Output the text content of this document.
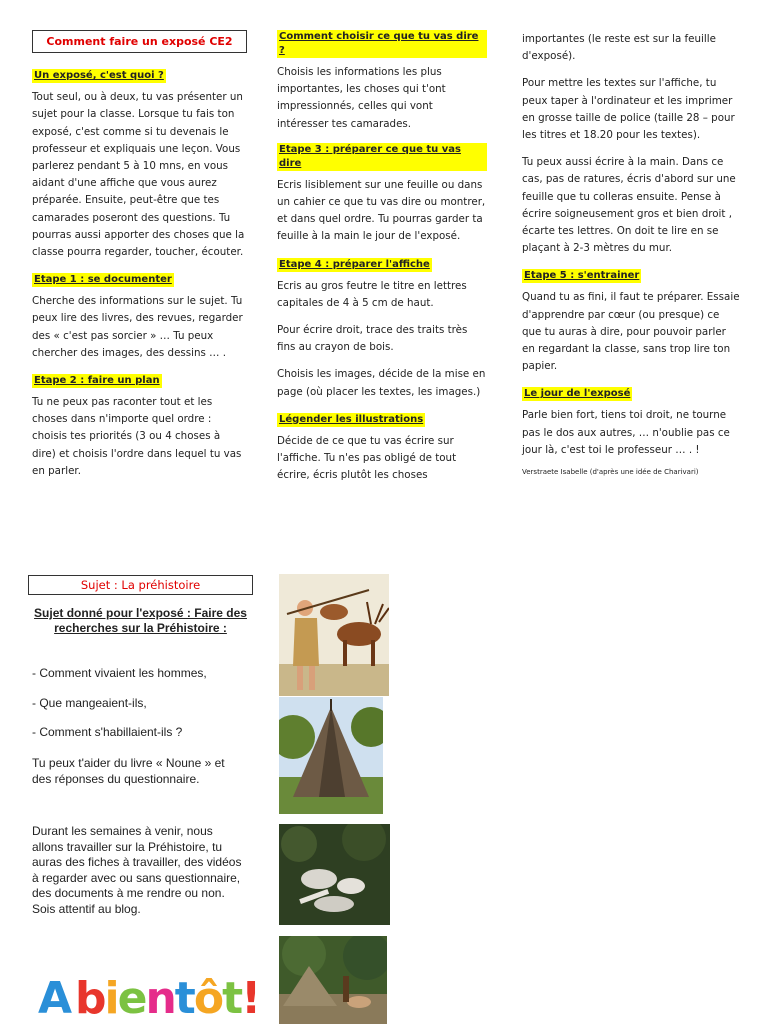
Comment faire un exposé CE2
Un exposé, c'est quoi ?

Tout seul, ou à deux, tu vas présenter un sujet pour la classe. Lorsque tu fais ton exposé, c'est comme si tu devenais le professeur et expliquais une leçon. Vous parlerez pendant 5 à 10 mns, en vous aidant d'une affiche que vous aurez préparée. Ensuite, peut-être que tes camarades poseront des questions. Tu pourras aussi apporter des choses que la classe pourra regarder, toucher, écouter.

Etape 1 : se documenter

Cherche des informations sur le sujet. Tu peux lire des livres, des revues, regarder des « c'est pas sorcier » … Tu peux chercher des images, des dessins … .

Etape 2 : faire un plan

Tu ne peux pas raconter tout et les choses dans n'importe quel ordre : choisis tes priorités (3 ou 4 choses à dire) et choisis l'ordre dans lequel tu vas en parler.

Comment choisir ce que tu vas dire ?

Choisis les informations les plus importantes, les choses qui t'ont impressionnés, celles qui vont intéresser tes camarades.

Etape 3 : préparer ce que tu vas dire

Ecris lisiblement sur une feuille ou dans un cahier ce que tu vas dire ou montrer, et dans quel ordre. Tu pourras garder ta feuille à la main le jour de l'exposé.

Etape 4 : préparer l'affiche

Ecris au gros feutre le titre en lettres capitales de 4 à 5 cm de haut.

Pour écrire droit, trace des traits très fins au crayon de bois.

Choisis les images, décide de la mise en page (où placer les textes, les images.)

Légender les illustrations

Décide de ce que tu vas écrire sur l'affiche. Tu n'es pas obligé de tout écrire, écris plutôt les choses

importantes (le reste est sur la feuille d'exposé).

Pour mettre les textes sur l'affiche, tu peux taper à l'ordinateur et les imprimer en grosse taille de police (taille 28 – pour les titres et 18.20 pour les textes).

Tu peux aussi écrire à la main. Dans ce cas, pas de ratures, écris d'abord sur une feuille que tu colleras ensuite. Pense à écrire soigneusement gros et bien droit , écarte tes lettres. On doit te lire en se plaçant à 2-3 mètres du mur.

Etape 5 : s'entrainer

Quand tu as fini, il faut te préparer. Essaie d'apprendre par cœur (ou presque) ce que tu auras à dire, pour pouvoir parler en regardant la classe, sans trop lire ton papier.

Le jour de l'exposé

Parle bien fort, tiens toi droit, ne tourne pas le dos aux autres, … n'oublie pas ce jour là, c'est toi le professeur … . !

Verstraete Isabelle (d'après une idée de Charivari)
Sujet : La préhistoire
Sujet donné pour l'exposé : Faire des recherches sur la Préhistoire :
- Comment vivaient les hommes,
- Que mangeaient-ils,
- Comment s'habillaient-ils ?
Tu peux t'aider du livre « Noune » et des réponses du questionnaire.
Durant les semaines à venir, nous allons travailler sur la Préhistoire, tu auras des fiches à travailler, des vidéos à regarder avec ou sans questionnaire, des documents à me rendre ou non. Sois attentif au blog.
A bientôt!
